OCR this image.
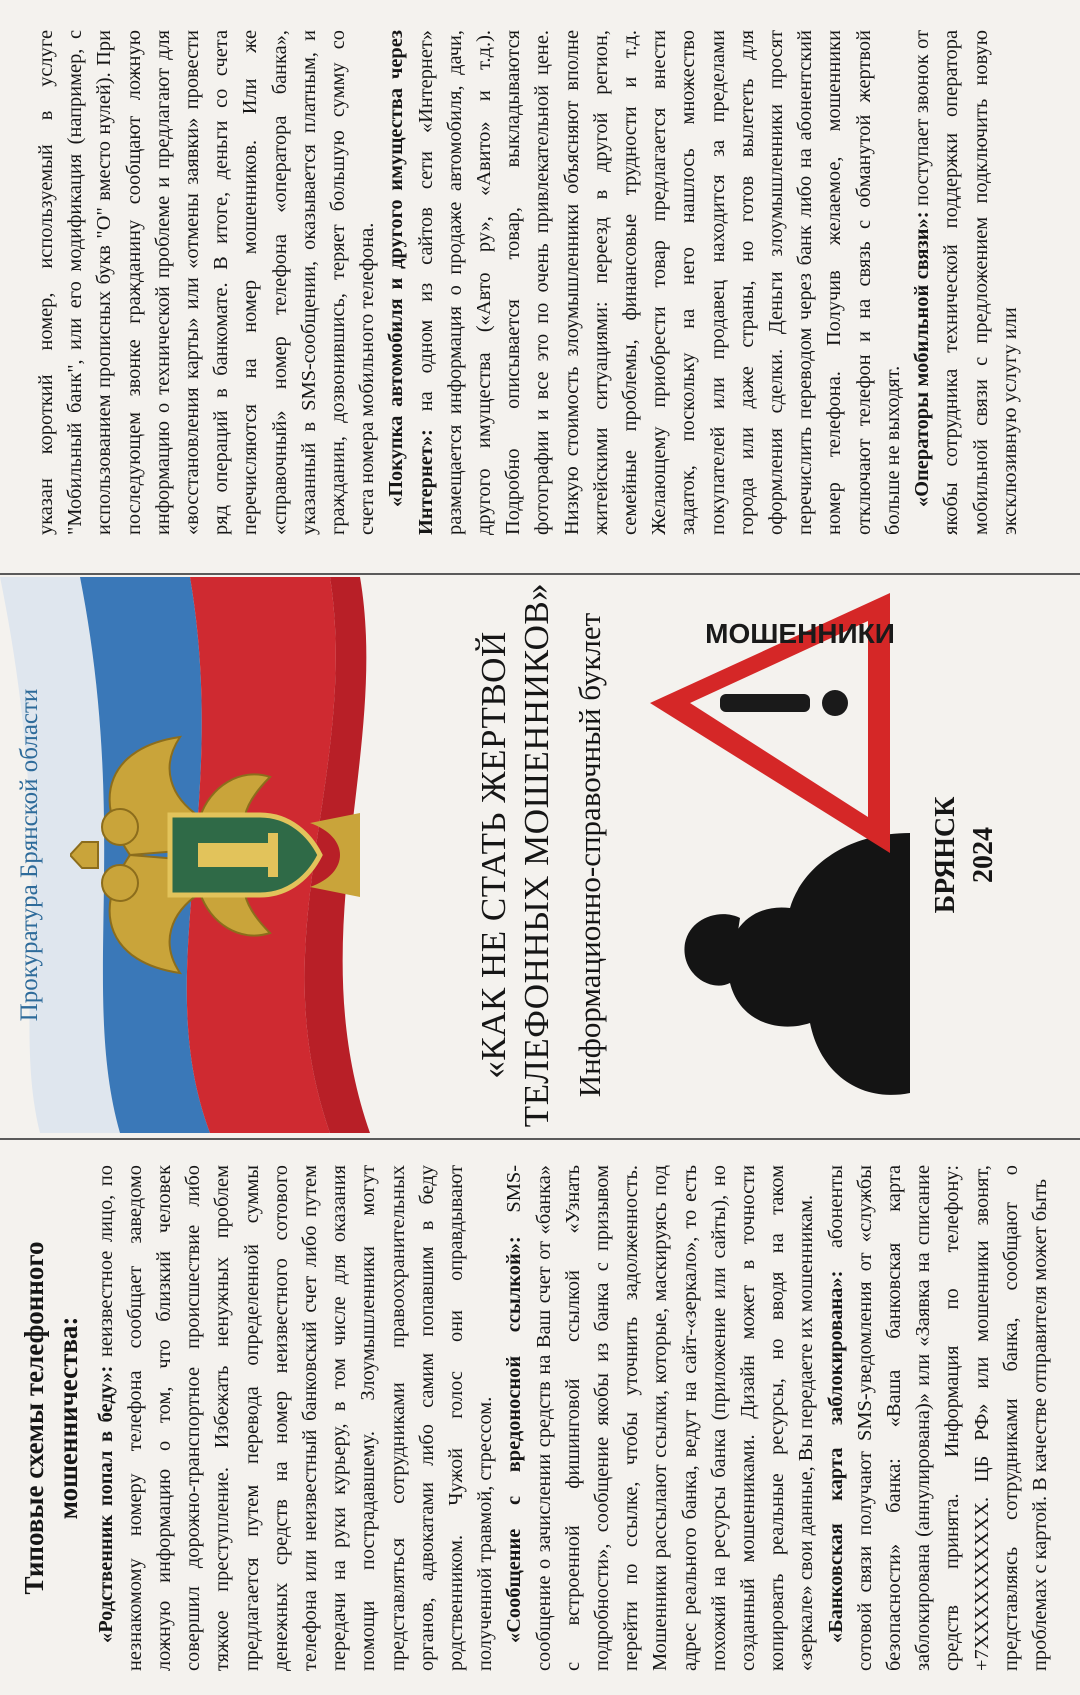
Типовые схемы телефонного мошенничества: «Родственник попал в беду»: неизвестное лицо, по незнакомому номеру телефона сообщает заведомо ложную информацию о том, что близкий человек совершил дорожно-транспортное происшествие либо тяжкое преступление. Избежать ненужных проблем предлагается путем перевода определенной суммы денежных средств на номер неизвестного сотового телефона или неизвестный банковский счет либо путем передачи на руки курьеру, в том числе для оказания помощи пострадавшему. Злоумышленники могут представляться сотрудниками правоохранительных органов, адвокатами либо самим попавшим в беду родственником. Чужой голос они оправдывают полученной травмой, стрессом. «Сообщение с вредоносной ссылкой»: SMS-сообщение о зачислении средств на Ваш счет от «банка» с встроенной фишинговой ссылкой «Узнать подробности», сообщение якобы из банка с призывом перейти по ссылке, чтобы уточнить задолженность. Мошенники рассылают ссылки, которые, маскируясь под адрес реального банка, ведут на сайт-«зеркало», то есть похожий на ресурсы банка (приложение или сайты), но созданный мошенниками. Дизайн может в точности копировать реальные ресурсы, но вводя на таком «зеркале» свои данные, Вы передаете их мошенникам. «Банковская карта заблокирована»: абоненты сотовой связи получают SMS-уведомления от «службы безопасности» банка: «Ваша банковская карта заблокирована (аннулирована)» или «Заявка на списание средств принята. Информация по телефону: +7XXXXXXXXXX. ЦБ РФ» или мошенники звонят, представляясь сотрудниками банка, сообщают о проблемах с картой. В качестве отправителя может быть

Прокуратура Брянской области	«КАК НЕ СТАТЬ ЖЕРТВОЙ ТЕЛЕФОННЫХ МОШЕННИКОВ» Информационно-справочный буклет	МОШЕННИКИ
БРЯНСК 2024

указан короткий номер, используемый в услуге "Мобильный банк", или его модификация (например, с использованием прописных букв "О" вместо нулей). При последующем звонке гражданину сообщают ложную информацию о технической проблеме и предлагают для «восстановления карты» или «отмены заявки» провести ряд операций в банкомате. В итоге, деньги со счета перечисляются на номер мошенников. Или же «справочный» номер телефона «оператора банка», указанный в SMS-сообщении, оказывается платным, и гражданин, дозвонившись, теряет большую сумму со счета номера мобильного телефона. «Покупка автомобиля и другого имущества через Интернет»: на одном из сайтов сети «Интернет» размещается информация о продаже автомобиля, дачи, другого имущества («Авто ру», «Авито» и т.д.). Подробно описывается товар, выкладываются фотографии и все это по очень привлекательной цене. Низкую стоимость злоумышленники объясняют вполне житейскими ситуациями: переезд в другой регион, семейные проблемы, финансовые трудности и т.д. Желающему приобрести товар предлагается внести задаток, поскольку на него нашлось множество покупателей или продавец находится за пределами города или даже страны, но готов вылететь для оформления сделки. Деньги злоумышленники просят перечислить переводом через банк либо на абонентский номер телефона. Получив желаемое, мошенники отключают телефон и на связь с обманутой жертвой больше не выходят. «Операторы мобильной связи»: поступает звонок от якобы сотрудника технической поддержки оператора мобильной связи с предложением подключить новую эксклюзивную услугу или
